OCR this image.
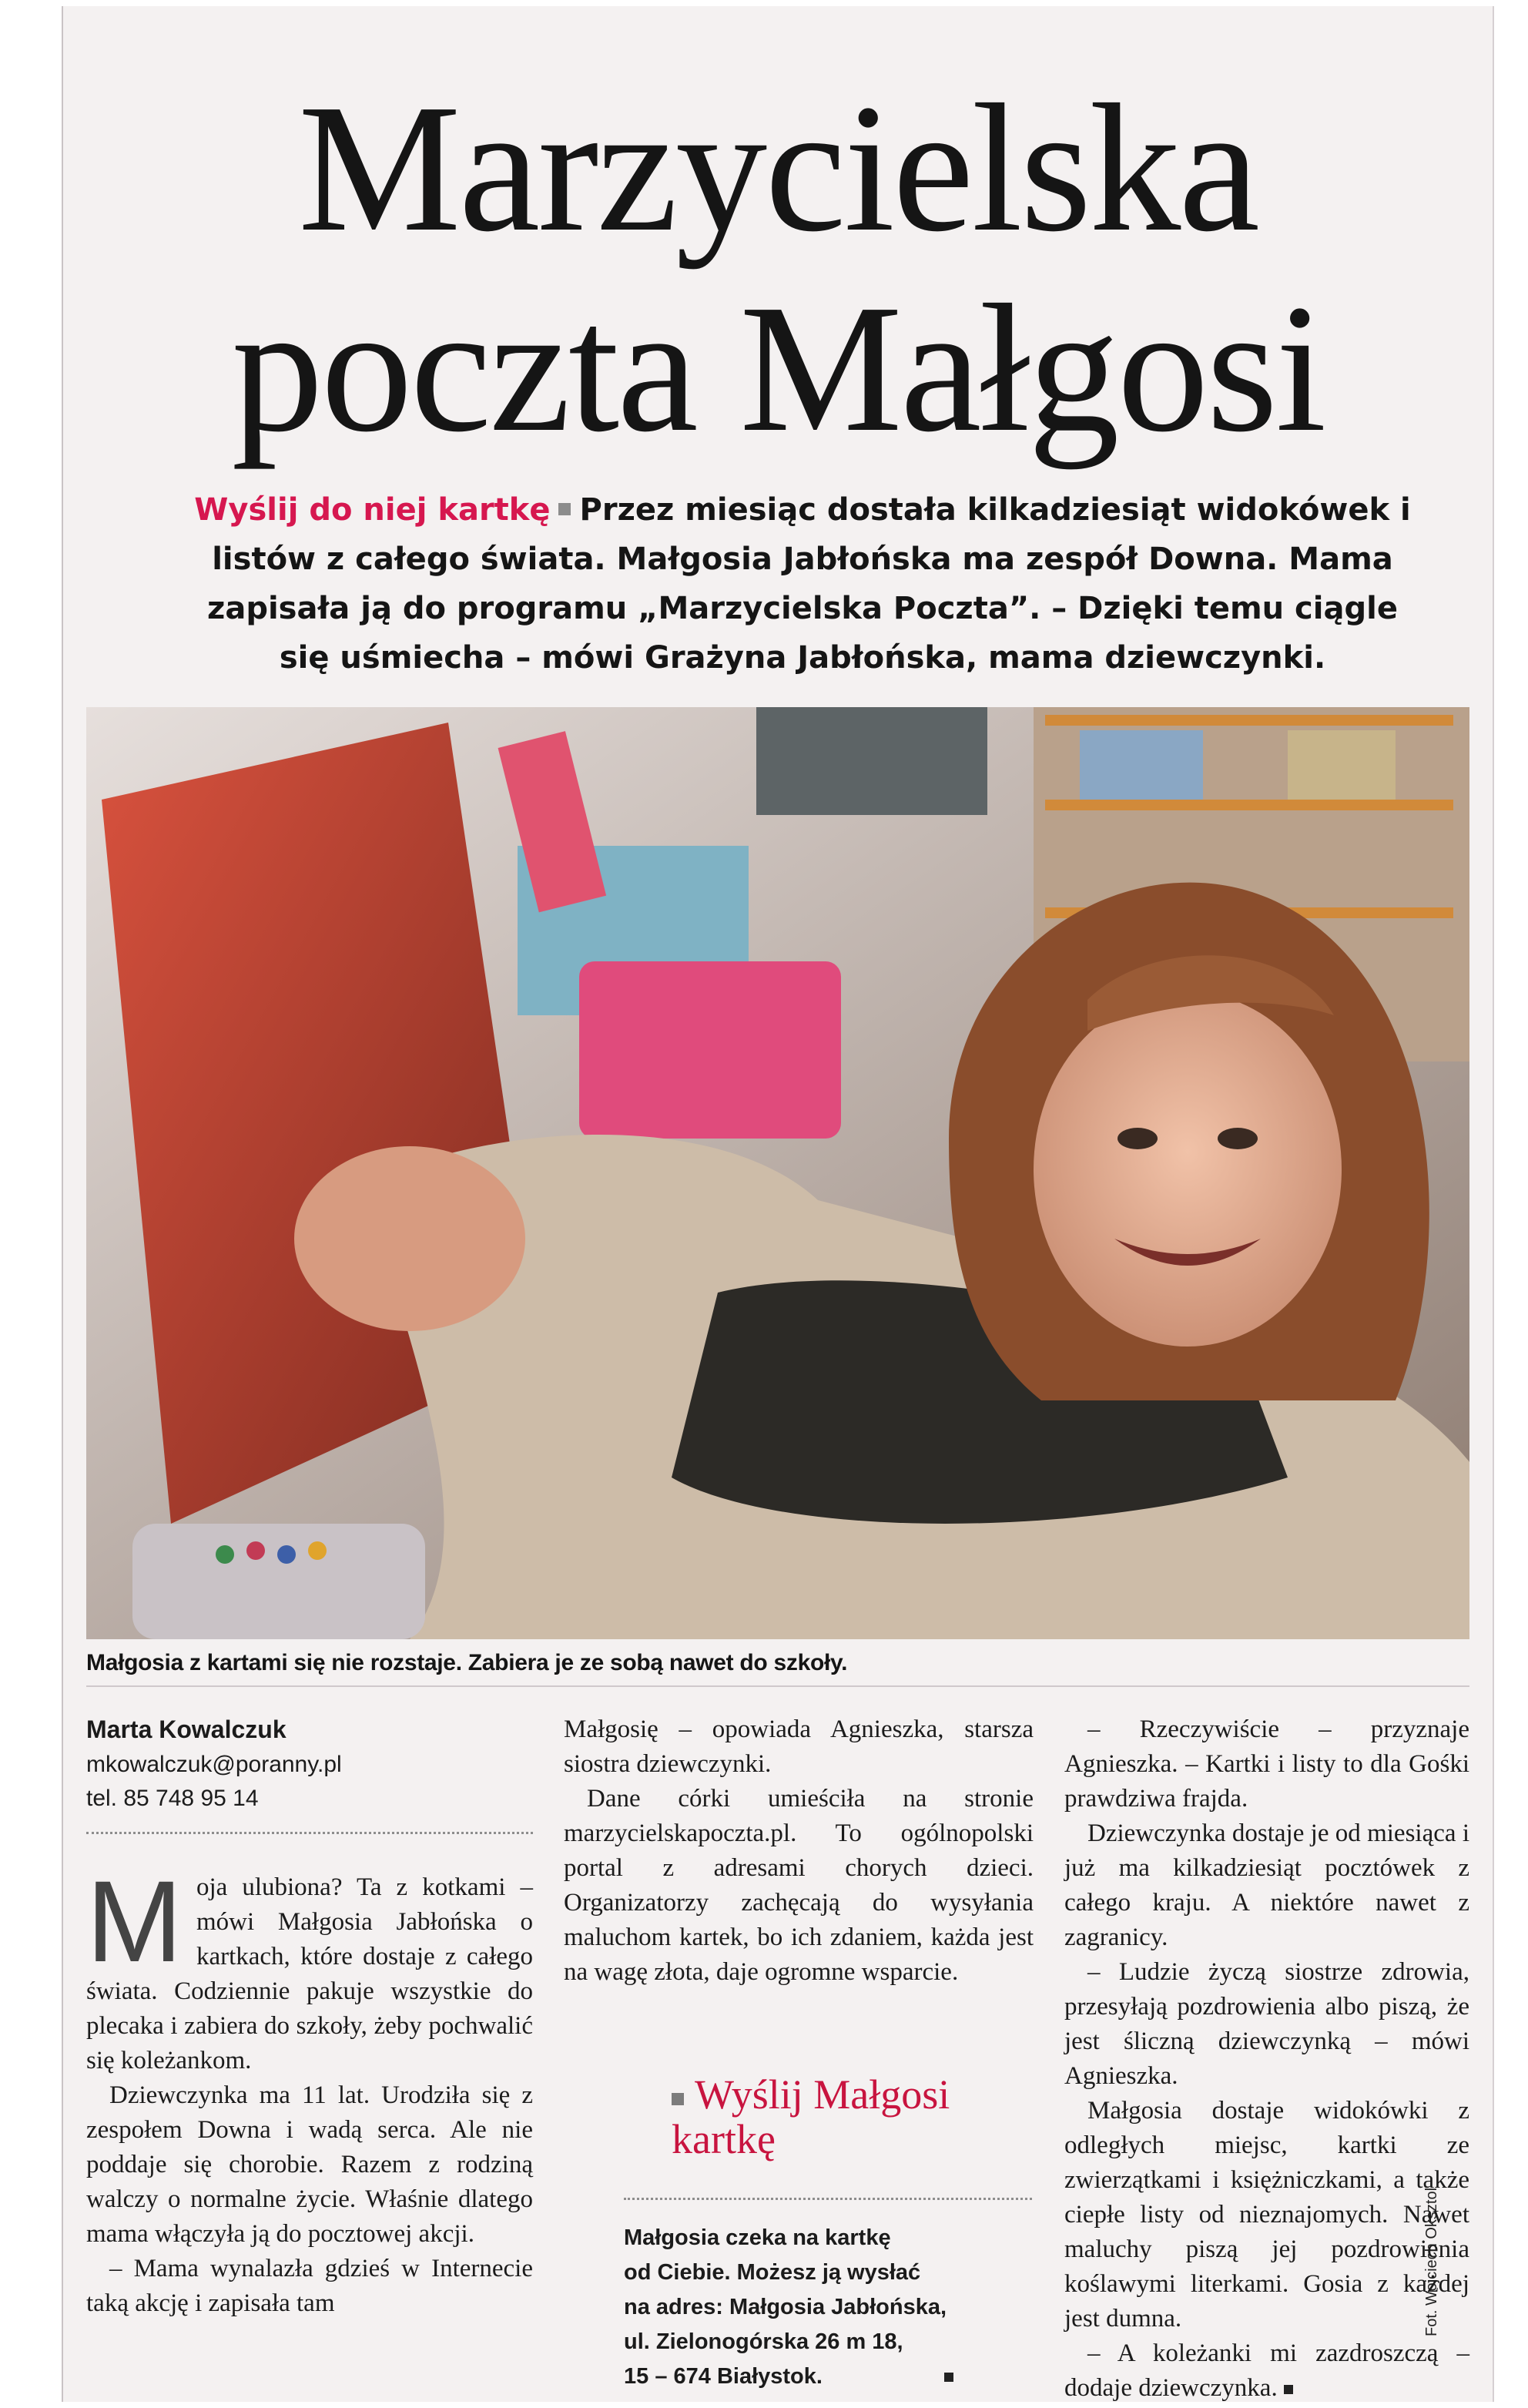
Marzycielska
poczta Małgosi
Wyślij do niej kartkę Przez miesiąc dostała kilkadziesiąt widokówek i listów z całego świata. Małgosia Jabłońska ma zespół Downa. Mama zapisała ją do programu „Marzycielska Poczta”. – Dzięki temu ciągle się uśmiecha – mówi Grażyna Jabłońska, mama dziewczynki.
Fot. Wojciech Oksztol
Małgosia z kartami się nie rozstaje. Zabiera je ze sobą nawet do szkoły.
Marta Kowalczuk
mkowalczuk@poranny.pl
tel. 85 748 95 14

Moja ulubiona? Ta z kotkami – mówi Małgosia Jabłońska o kartkach, które dostaje z całego świata. Codziennie pakuje wszystkie do plecaka i zabiera do szkoły, żeby pochwalić się koleżankom.

Dziewczynka ma 11 lat. Urodziła się z zespołem Downa i wadą serca. Ale nie poddaje się chorobie. Razem z rodziną walczy o normalne życie. Właśnie dlatego mama włączyła ją do pocztowej akcji.

– Mama wynalazła gdzieś w Internecie taką akcję i zapisała tam

Małgosię – opowiada Agnieszka, starsza siostra dziewczynki.

Dane córki umieściła na stronie marzycielskapoczta.pl. To ogólnopolski portal z adresami chorych dzieci. Organizatorzy zachęcają do wysyłania maluchom kartek, bo ich zdaniem, każda jest na wagę złota, daje ogromne wsparcie.

Wyślij Małgosi kartkę
Małgosia czeka na kartkę
od Ciebie. Możesz ją wysłać
na adres: Małgosia Jabłońska,
ul. Zielonogórska 26 m 18,
15 – 674 Białystok.

– Rzeczywiście – przyznaje Agnieszka. – Kartki i listy to dla Gośki prawdziwa frajda.

Dziewczynka dostaje je od miesiąca i już ma kilkadziesiąt pocztówek z całego kraju. A niektóre nawet z zagranicy.

– Ludzie życzą siostrze zdrowia, przesyłają pozdrowienia albo piszą, że jest śliczną dziewczynką – mówi Agnieszka.

Małgosia dostaje widokówki z odległych miejsc, kartki ze zwierzątkami i księżniczkami, a także ciepłe listy od nieznajomych. Nawet maluchy piszą jej pozdrowienia koślawymi literkami. Gosia z każdej jest dumna.

– A koleżanki mi zazdroszczą – dodaje dziewczynka.
